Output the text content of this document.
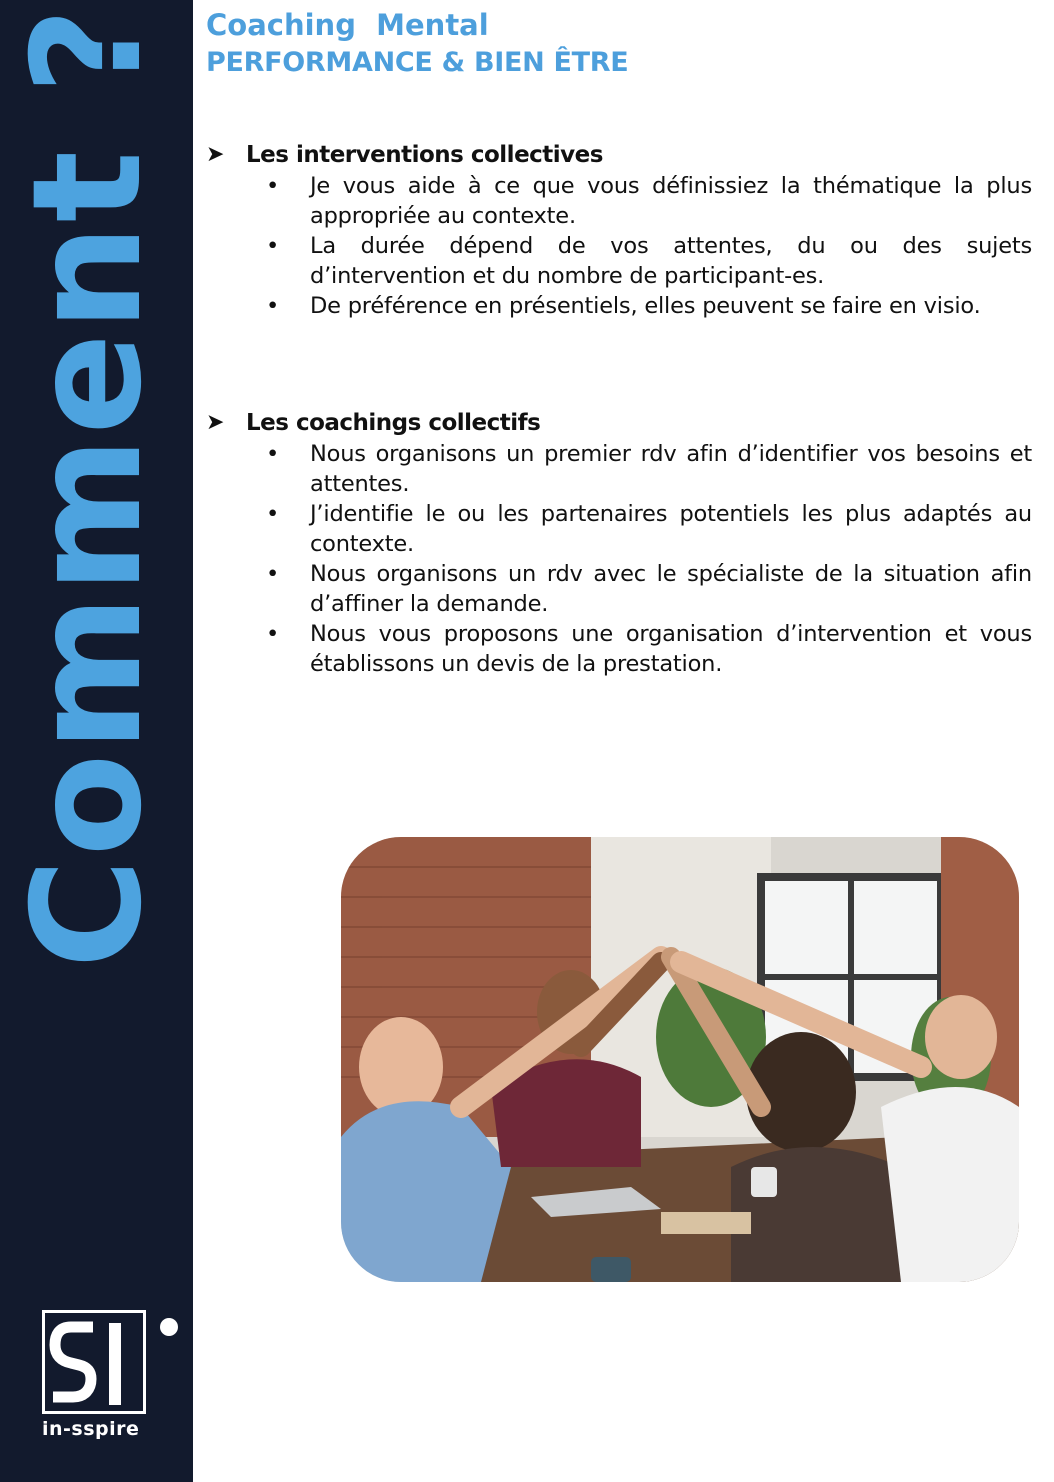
Comment ?
in-sspire
Coaching  Mental
PERFORMANCE & BIEN ÊTRE
➤ Les interventions collectives
• Je vous aide à ce que vous définissiez la thématique la plus appropriée au contexte.
• La durée dépend de vos attentes, du ou des sujets d’intervention et du nombre de participant-es.
• De préférence en présentiels, elles peuvent se faire en visio.
➤ Les coachings collectifs
• Nous organisons un premier rdv afin d’identifier vos besoins et attentes.
• J’identifie le ou les partenaires potentiels les plus adaptés au contexte.
• Nous organisons un rdv avec le spécialiste de la situation afin d’affiner la demande.
• Nous vous proposons une organisation d’intervention et vous établissons un devis de la prestation.
